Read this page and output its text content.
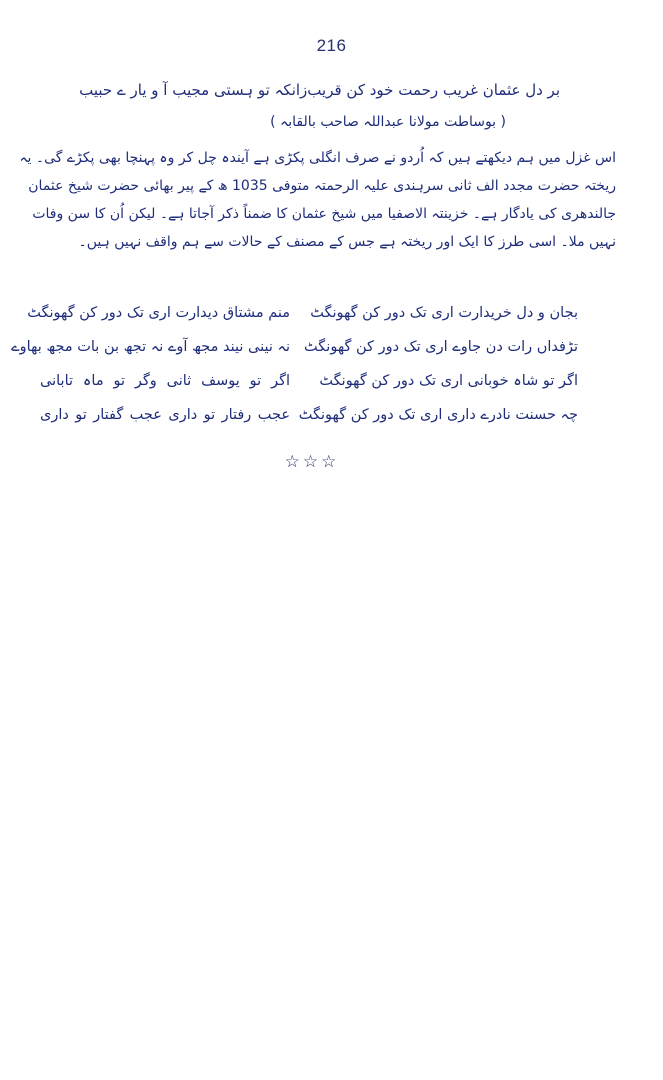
216
بر دل عثمان غریب رحمت خود کن قریب
زانکہ تو ہستی مجیب آ و یار ے حبیب
( بوساطت مولانا عبداللہ صاحب بالقابہ )
اس غزل میں ہم دیکھتے ہیں کہ اُردو نے صرف انگلی پکڑی ہے آیندہ چل کر وہ پہنچا بھی پکڑے گی۔ یہ
ریختہ حضرت مجدد الف ثانی سرہندی علیہ الرحمتہ متوفی 1035 ھ کے پیر بھائی حضرت شیخ عثمان
جالندھری کی یادگار ہے۔ خزینتہ الاصفیا میں شیخ عثمان کا ضمناً ذکر آجاتا ہے۔ لیکن اُن کا سن وفات
نہیں ملا۔ اسی طرز کا ایک اور ریختہ ہے جس کے مصنف کے حالات سے ہم واقف نہیں ہیں۔
منم مشتاق دیدارت اری تک دور کن گھونگٹ بجان و دل خریدارت اری تک دور کن گھونگٹ
نہ نینی نیند مجھ آوے نہ تجھ بن بات مجھ بھاوے تڑفداں رات دن جاوے اری تک دور کن گھونگٹ
اگر تو یوسف ثانی وگر تو ماہ تابانی اگر تو شاہ خوبانی اری تک دور کن گھونگٹ
عجب رفتار تو داری عجب گفتار تو داری چہ حسنت نادرے داری اری تک دور کن گھونگٹ
☆☆☆
